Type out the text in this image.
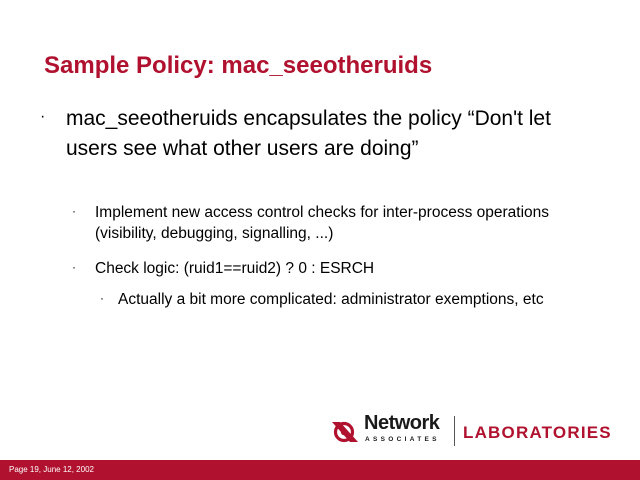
Sample Policy: mac_seeotheruids
· mac_seeotheruids encapsulates the policy “Don't let users see what other users are doing”
· Implement new access control checks for inter-process operations (visibility, debugging, signalling, ...)
· Check logic: (ruid1==ruid2) ? 0 : ESRCH
· Actually a bit more complicated: administrator exemptions, etc
Network
ASSOCIATES LABORATORIES
Page 19, June 12, 2002
